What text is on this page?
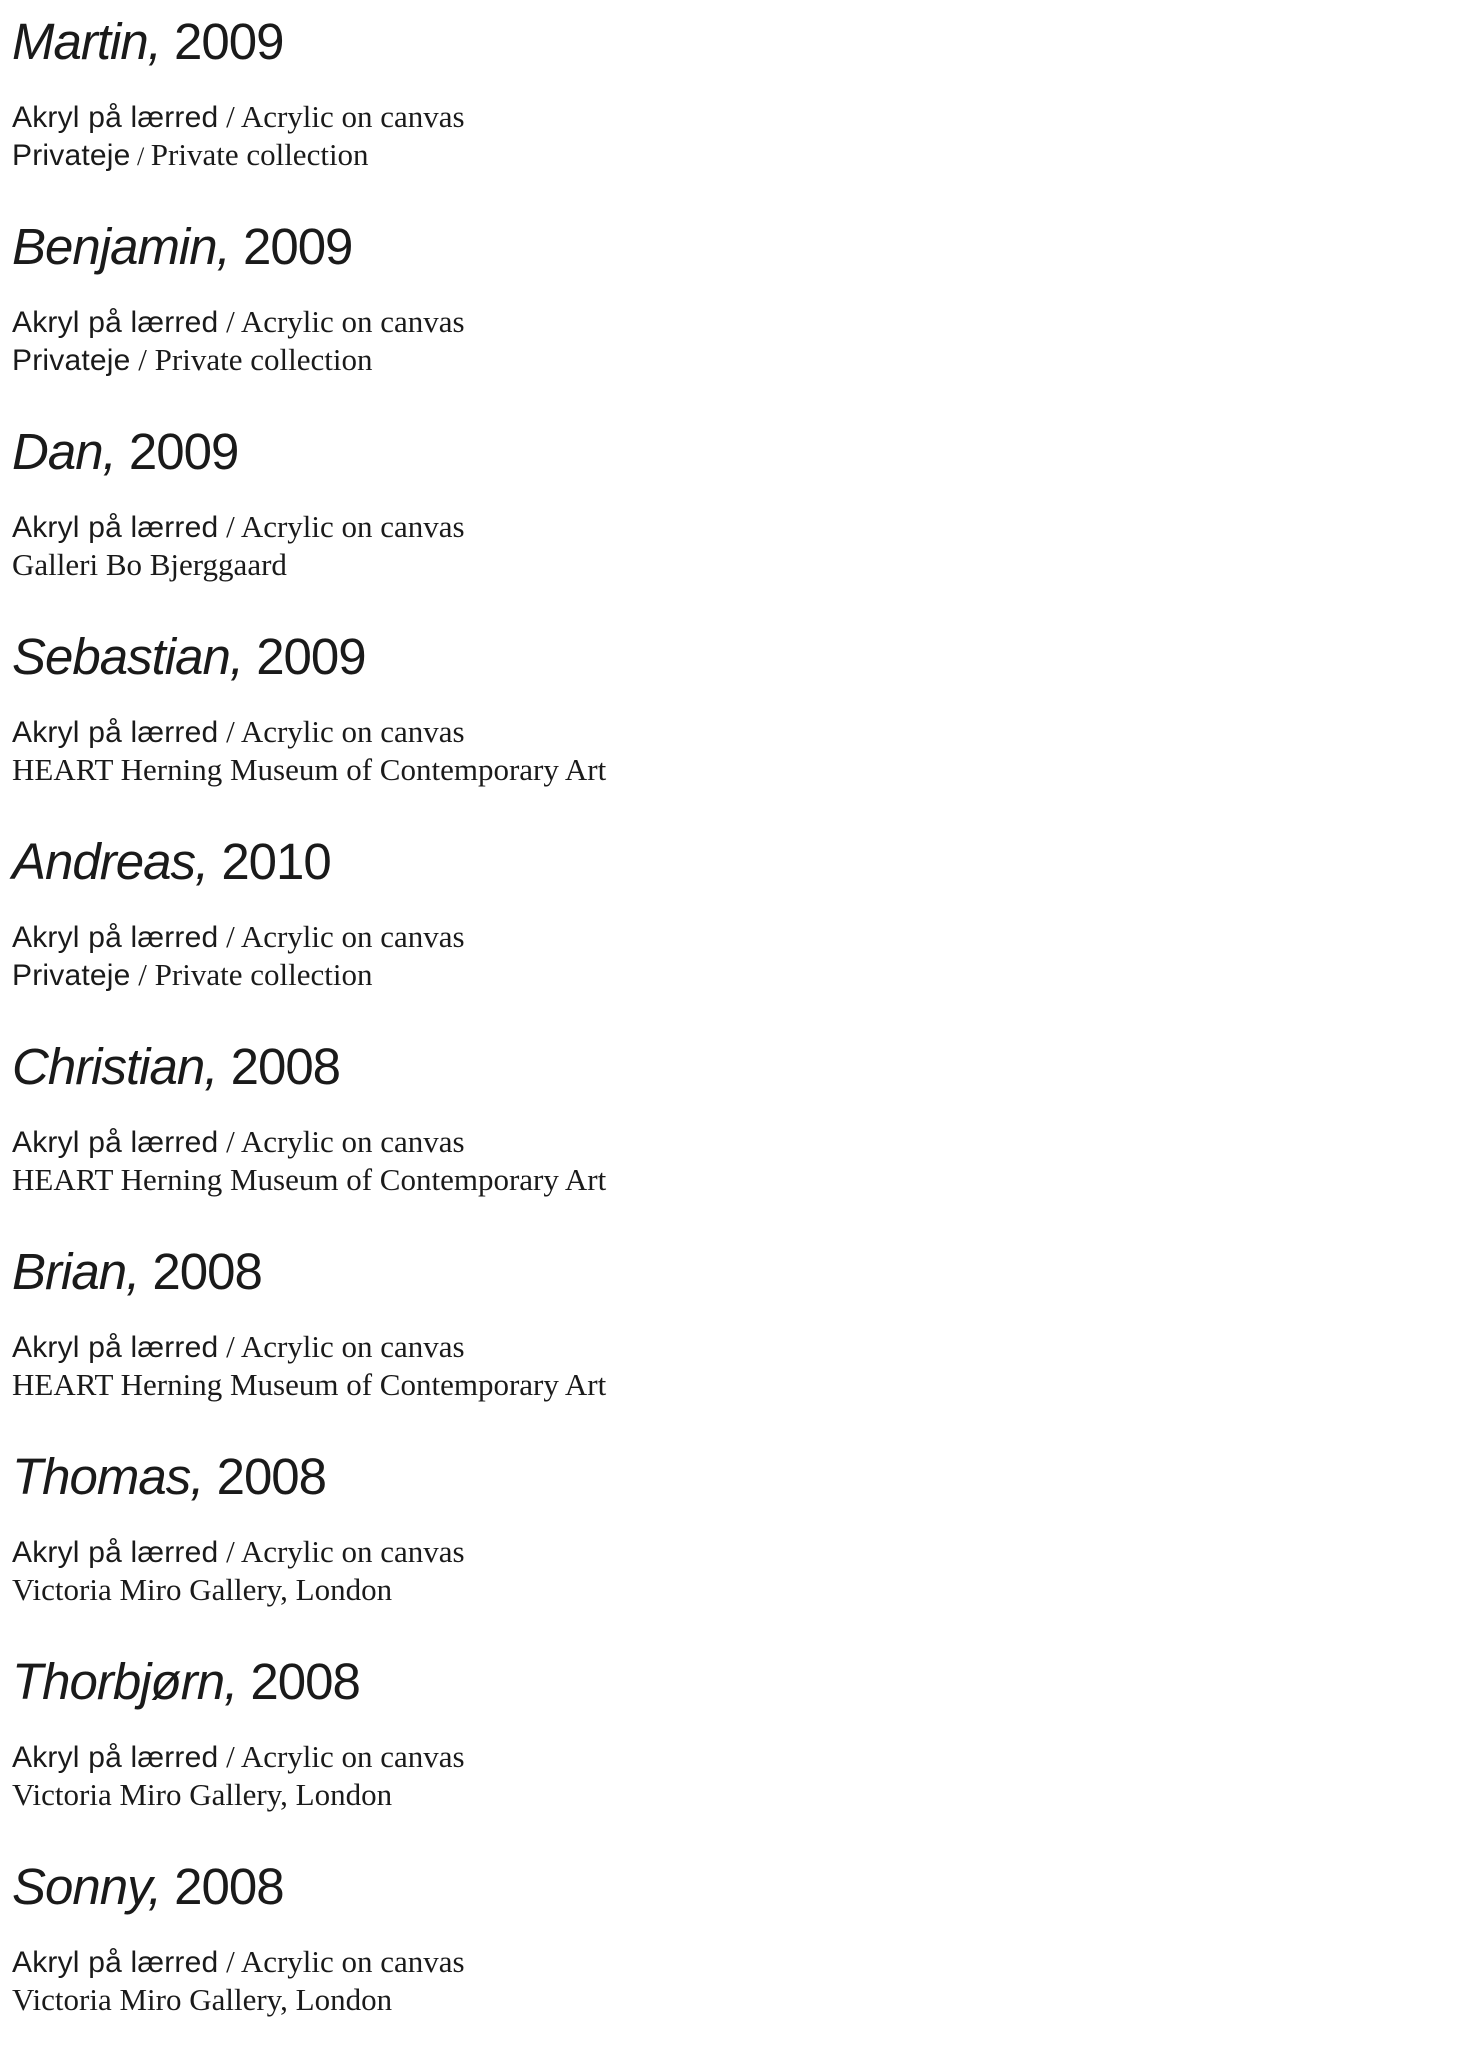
Martin, 2009
Akryl på lærred / Acrylic on canvas
Privateje / Private collection
Benjamin, 2009
Akryl på lærred / Acrylic on canvas
Privateje / Private collection
Dan, 2009
Akryl på lærred / Acrylic on canvas
Galleri Bo Bjerggaard
Sebastian, 2009
Akryl på lærred / Acrylic on canvas
HEART Herning Museum of Contemporary Art
Andreas, 2010
Akryl på lærred / Acrylic on canvas
Privateje / Private collection
Christian, 2008
Akryl på lærred / Acrylic on canvas
HEART Herning Museum of Contemporary Art
Brian, 2008
Akryl på lærred / Acrylic on canvas
HEART Herning Museum of Contemporary Art
Thomas, 2008
Akryl på lærred / Acrylic on canvas
Victoria Miro Gallery, London
Thorbjørn, 2008
Akryl på lærred / Acrylic on canvas
Victoria Miro Gallery, London
Sonny, 2008
Akryl på lærred / Acrylic on canvas
Victoria Miro Gallery, London
